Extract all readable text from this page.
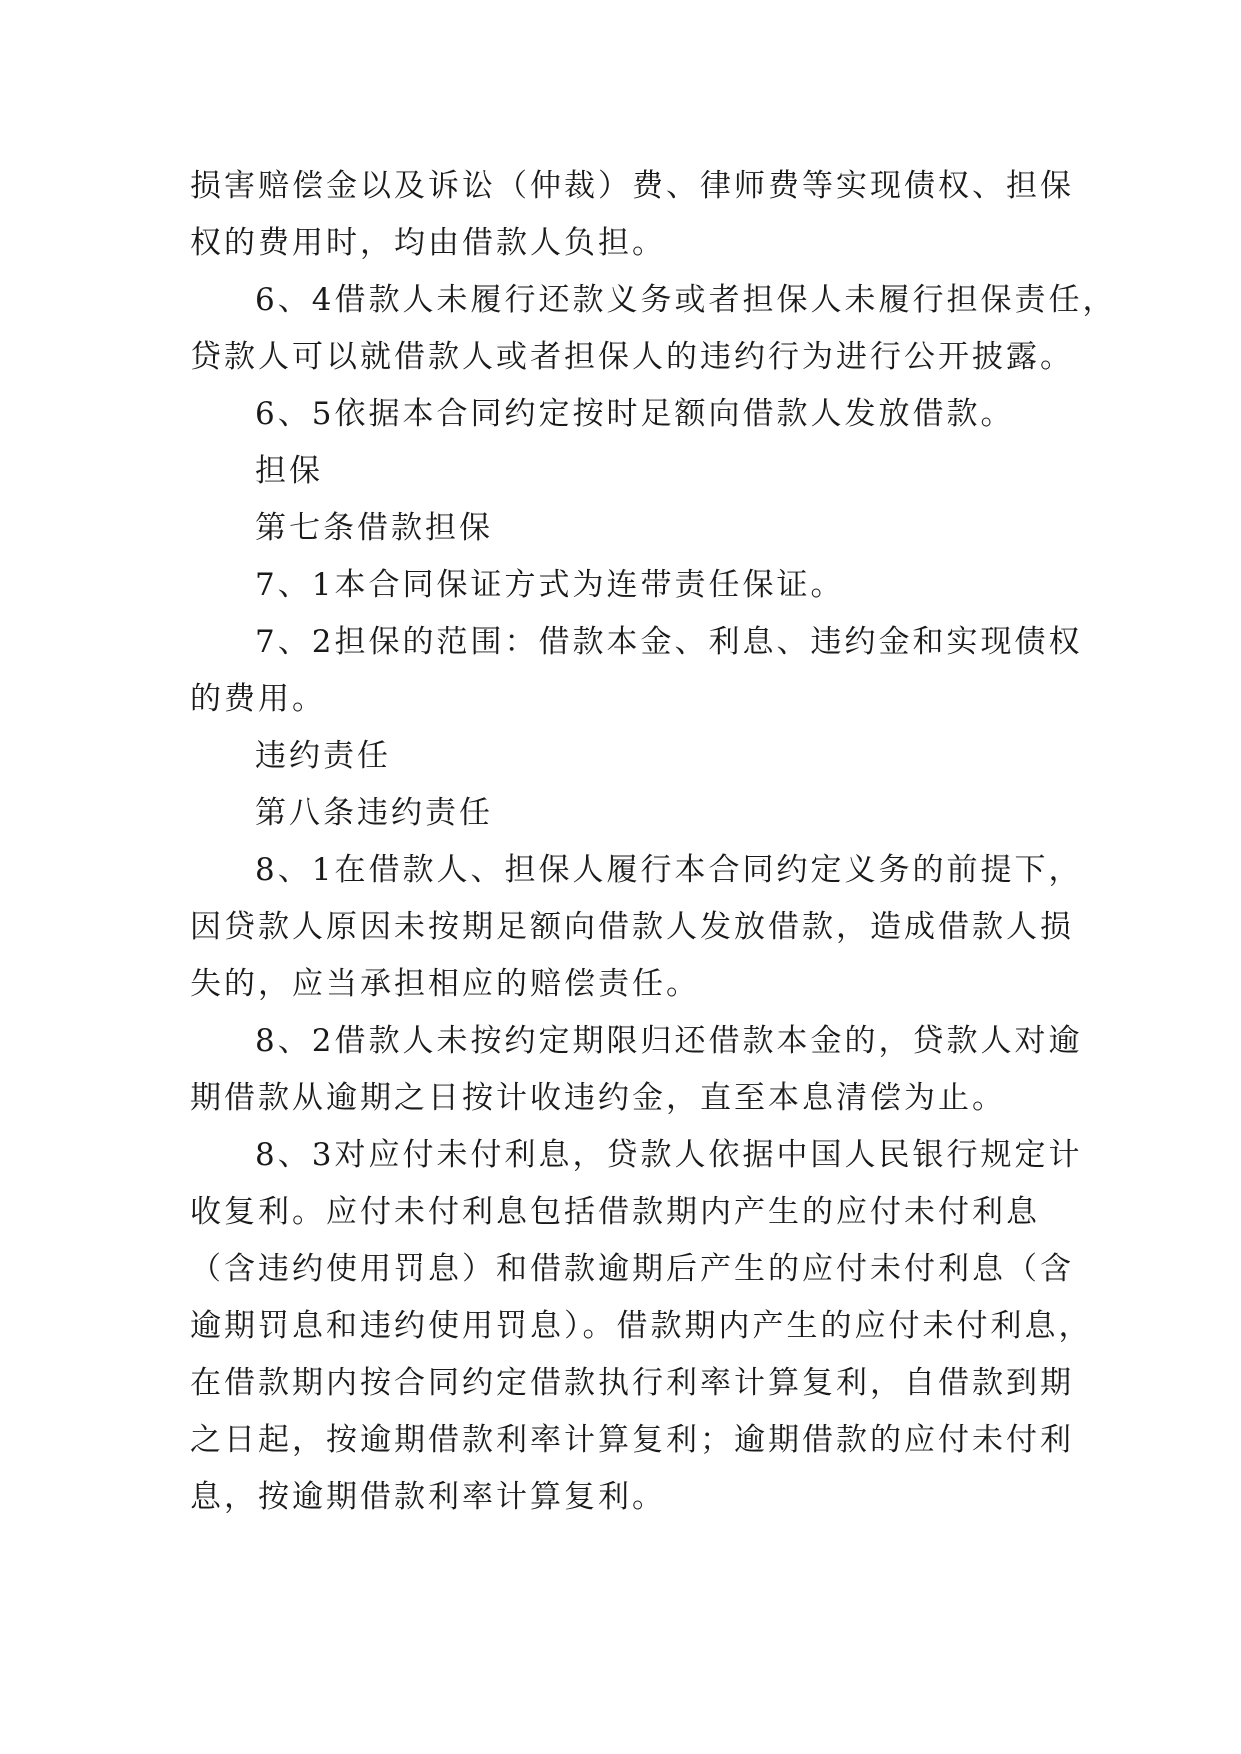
损害赔偿金以及诉讼（仲裁）费、律师费等实现债权、担保

权的费用时，均由借款人负担。

6、4借款人未履行还款义务或者担保人未履行担保责任，

贷款人可以就借款人或者担保人的违约行为进行公开披露。

6、5依据本合同约定按时足额向借款人发放借款。

担保

第七条借款担保

7、1本合同保证方式为连带责任保证。

7、2担保的范围：借款本金、利息、违约金和实现债权

的费用。

违约责任

第八条违约责任

8、1在借款人、担保人履行本合同约定义务的前提下，

因贷款人原因未按期足额向借款人发放借款，造成借款人损

失的，应当承担相应的赔偿责任。

8、2借款人未按约定期限归还借款本金的，贷款人对逾

期借款从逾期之日按计收违约金，直至本息清偿为止。

8、3对应付未付利息，贷款人依据中国人民银行规定计

收复利。应付未付利息包括借款期内产生的应付未付利息

（含违约使用罚息）和借款逾期后产生的应付未付利息（含

逾期罚息和违约使用罚息）。借款期内产生的应付未付利息，

在借款期内按合同约定借款执行利率计算复利，自借款到期

之日起，按逾期借款利率计算复利；逾期借款的应付未付利

息，按逾期借款利率计算复利。
